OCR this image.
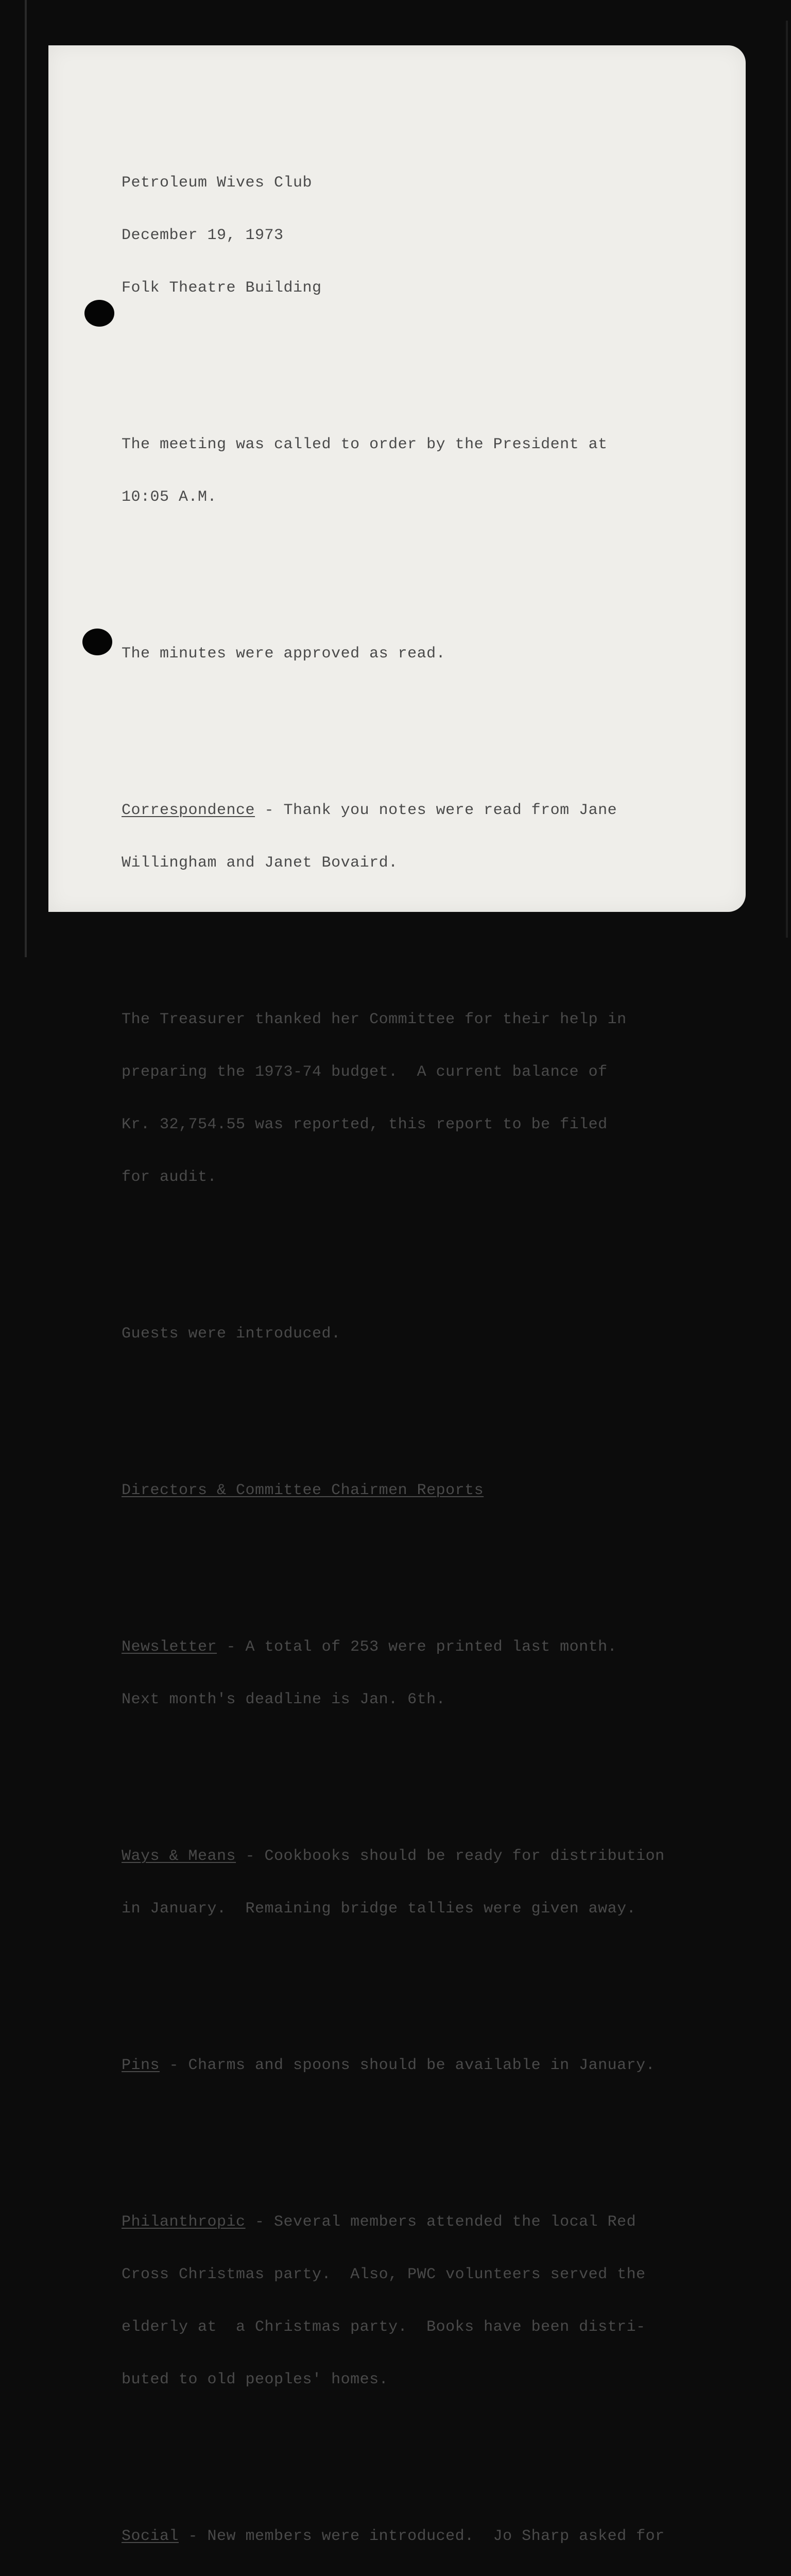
Petroleum Wives Club

December 19, 1973

Folk Theatre Building

The meeting was called to order by the President at

10:05 A.M.

The minutes were approved as read.

Correspondence - Thank you notes were read from Jane

Willingham and Janet Bovaird.

The Treasurer thanked her Committee for their help in

preparing the 1973-74 budget.  A current balance of

Kr. 32,754.55 was reported, this report to be filed

for audit.

Guests were introduced.

Directors & Committee Chairmen Reports

Newsletter - A total of 253 were printed last month.

Next month's deadline is Jan. 6th.

Ways & Means - Cookbooks should be ready for distribution

in January.  Remaining bridge tallies were given away.

Pins - Charms and spoons should be available in January.

Philanthropic - Several members attended the local Red

Cross Christmas party.  Also, PWC volunteers served the

elderly at  a Christmas party.  Books have been distri-

buted to old peoples' homes.

Social - New members were introduced.  Jo Sharp asked for
